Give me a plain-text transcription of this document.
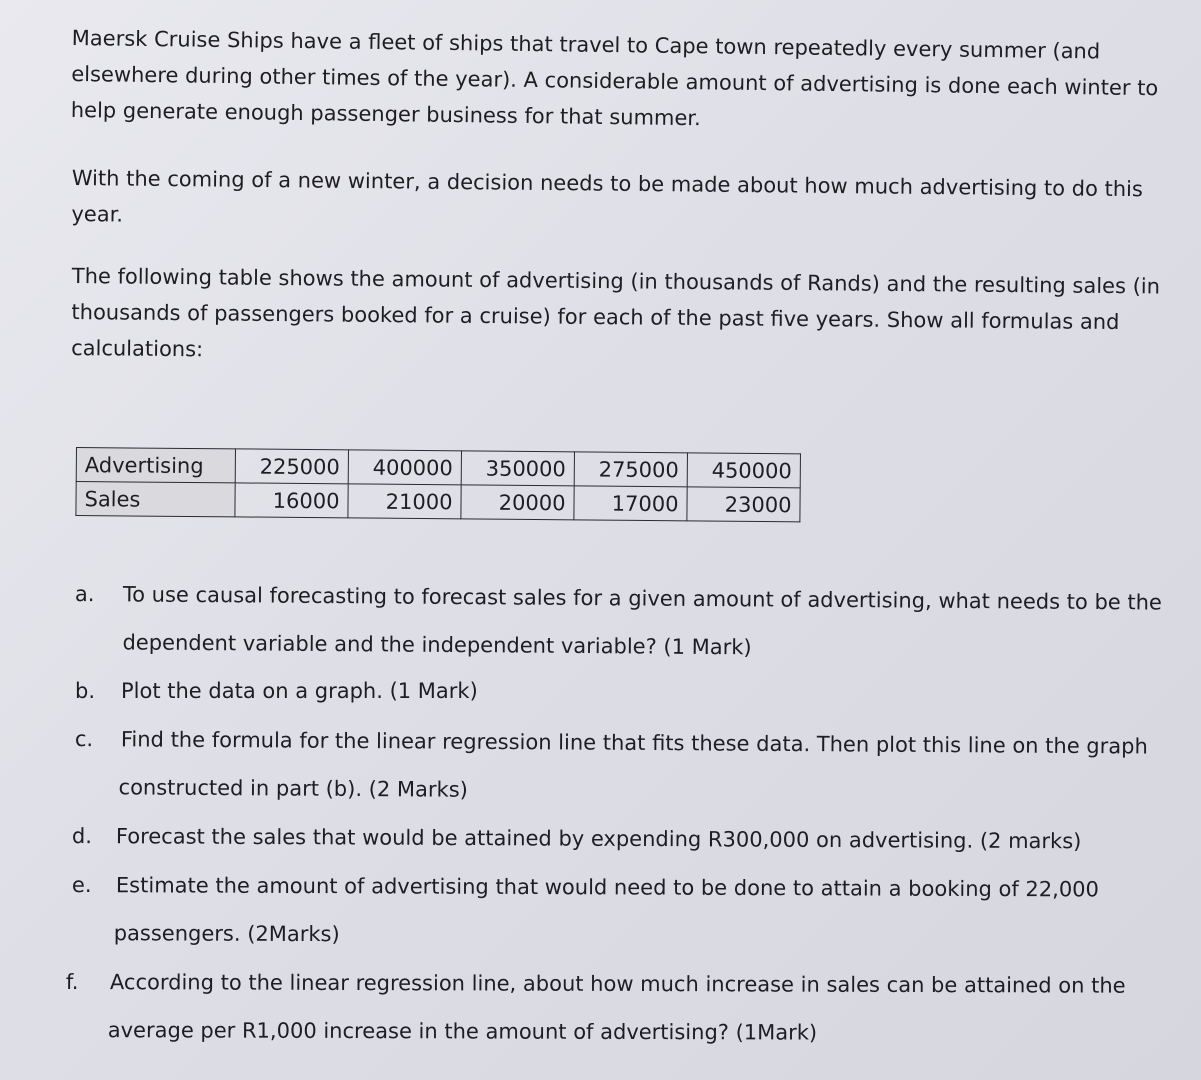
Maersk Cruise Ships have a fleet of ships that travel to Cape town repeatedly every summer (and elsewhere during other times of the year). A considerable amount of advertising is done each winter to help generate enough passenger business for that summer.

With the coming of a new winter, a decision needs to be made about how much advertising to do this year.

The following table shows the amount of advertising (in thousands of Rands) and the resulting sales (in thousands of passengers booked for a cruise) for each of the past five years. Show all formulas and calculations:

Advertising	225000	400000	350000	275000	450000
Sales	16000	21000	20000	17000	23000
a. To use causal forecasting to forecast sales for a given amount of advertising, what needs to be the
dependent variable and the independent variable? (1 Mark)
b. Plot the data on a graph. (1 Mark)
c. Find the formula for the linear regression line that fits these data. Then plot this line on the graph
constructed in part (b). (2 Marks)
d. Forecast the sales that would be attained by expending R300,000 on advertising. (2 marks)
e. Estimate the amount of advertising that would need to be done to attain a booking of 22,000
passengers. (2Marks)
f. According to the linear regression line, about how much increase in sales can be attained on the
average per R1,000 increase in the amount of advertising? (1Mark)
